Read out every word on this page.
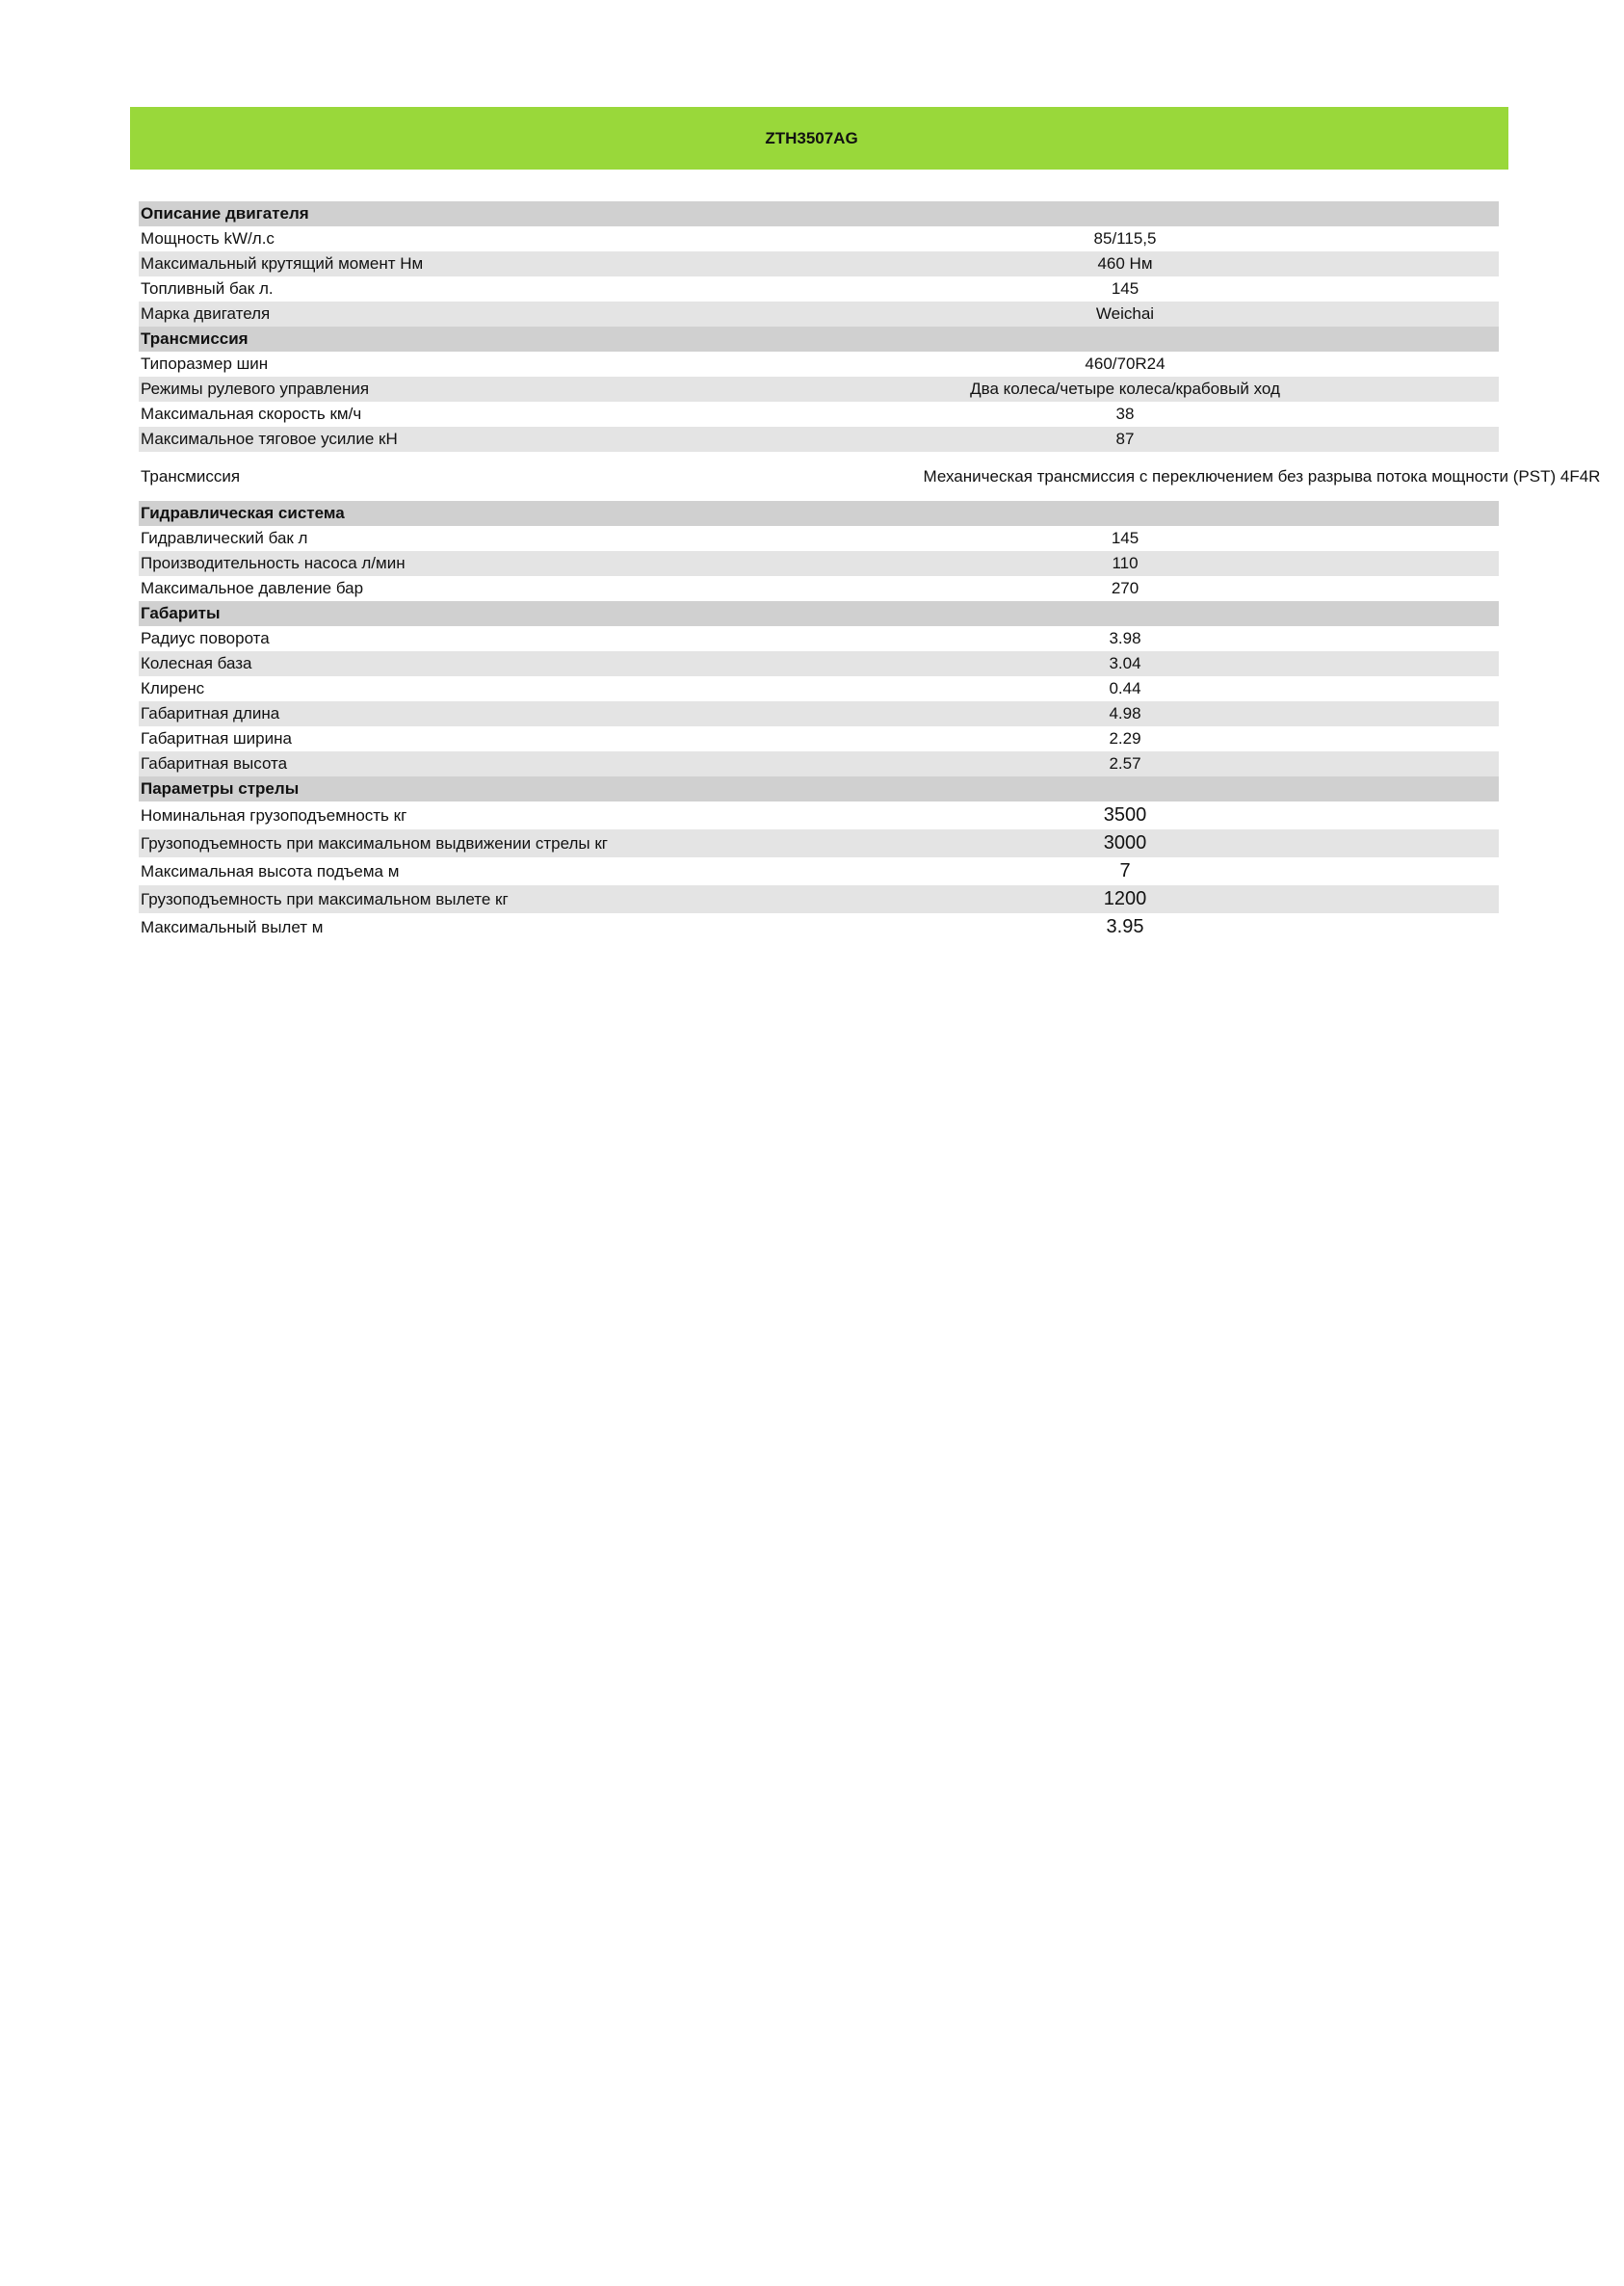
ZTH3507AG
Описание двигателя
Мощность kW/л.с	85/115,5
Максимальный крутящий момент Нм	460 Нм
Топливный бак л.	145
Марка двигателя	Weichai
Трансмиссия
Типоразмер шин	460/70R24
Режимы рулевого управления	Два колеса/четыре колеса/крабовый ход
Максимальная скорость км/ч	38
Максимальное тяговое усилие кН	87
Трансмиссия	Механическая трансмиссия с переключением без разрыва потока мощности (PST) 4F4R
Гидравлическая система
Гидравлический бак л	145
Производительность насоса л/мин	110
Максимальное давление бар	270
Габариты
Радиус поворота	3.98
Колесная база	3.04
Клиренс	0.44
Габаритная длина	4.98
Габаритная ширина	2.29
Габаритная высота	2.57
Параметры стрелы
Номинальная грузоподъемность кг	3500
Грузоподъемность при максимальном выдвижении стрелы кг	3000
Максимальная высота подъема м	7
Грузоподъемность при максимальном вылете кг	1200
Максимальный вылет м	3.95
